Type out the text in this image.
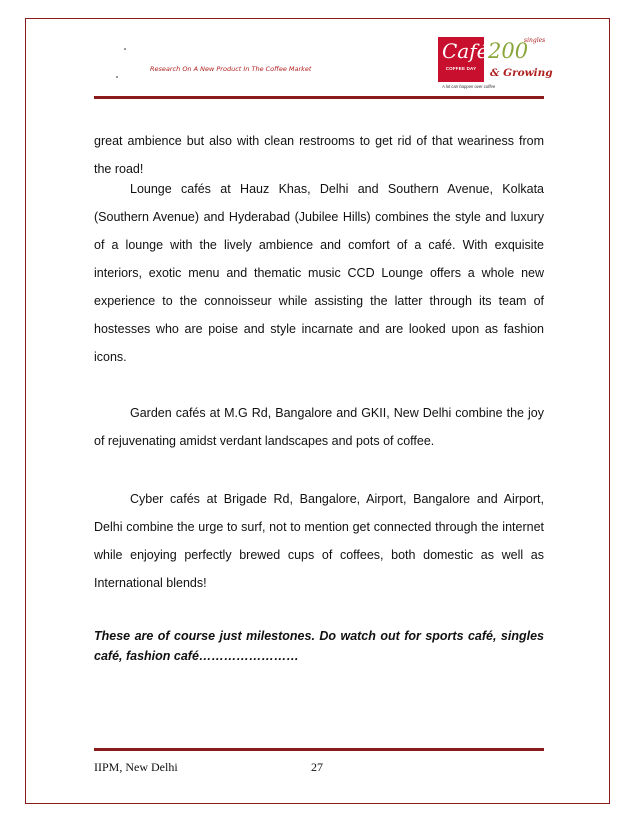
Research On A New Product In The Coffee Market
Café
COFFEE DAY
200
singles
& Growing
A lot can happen over coffee

great ambience but also with clean restrooms to get rid of that weariness from the road!

Lounge cafés at Hauz Khas, Delhi and Southern Avenue, Kolkata (Southern Avenue) and Hyderabad (Jubilee Hills) combines the style and luxury of a lounge with the lively ambience and comfort of a café. With exquisite interiors, exotic menu and thematic music CCD Lounge offers a whole new experience to the connoisseur while assisting the latter through its team of hostesses who are poise and style incarnate and are looked upon as fashion icons.

Garden cafés at M.G Rd, Bangalore and GKII, New Delhi combine the joy of rejuvenating amidst verdant landscapes and pots of coffee.

Cyber cafés at Brigade Rd, Bangalore, Airport, Bangalore and Airport, Delhi combine the urge to surf, not to mention get connected through the internet while enjoying perfectly brewed cups of coffees, both domestic as well as International blends!

These are of course just milestones. Do watch out for sports café, singles café, fashion café……………………

IIPM, New Delhi	27
